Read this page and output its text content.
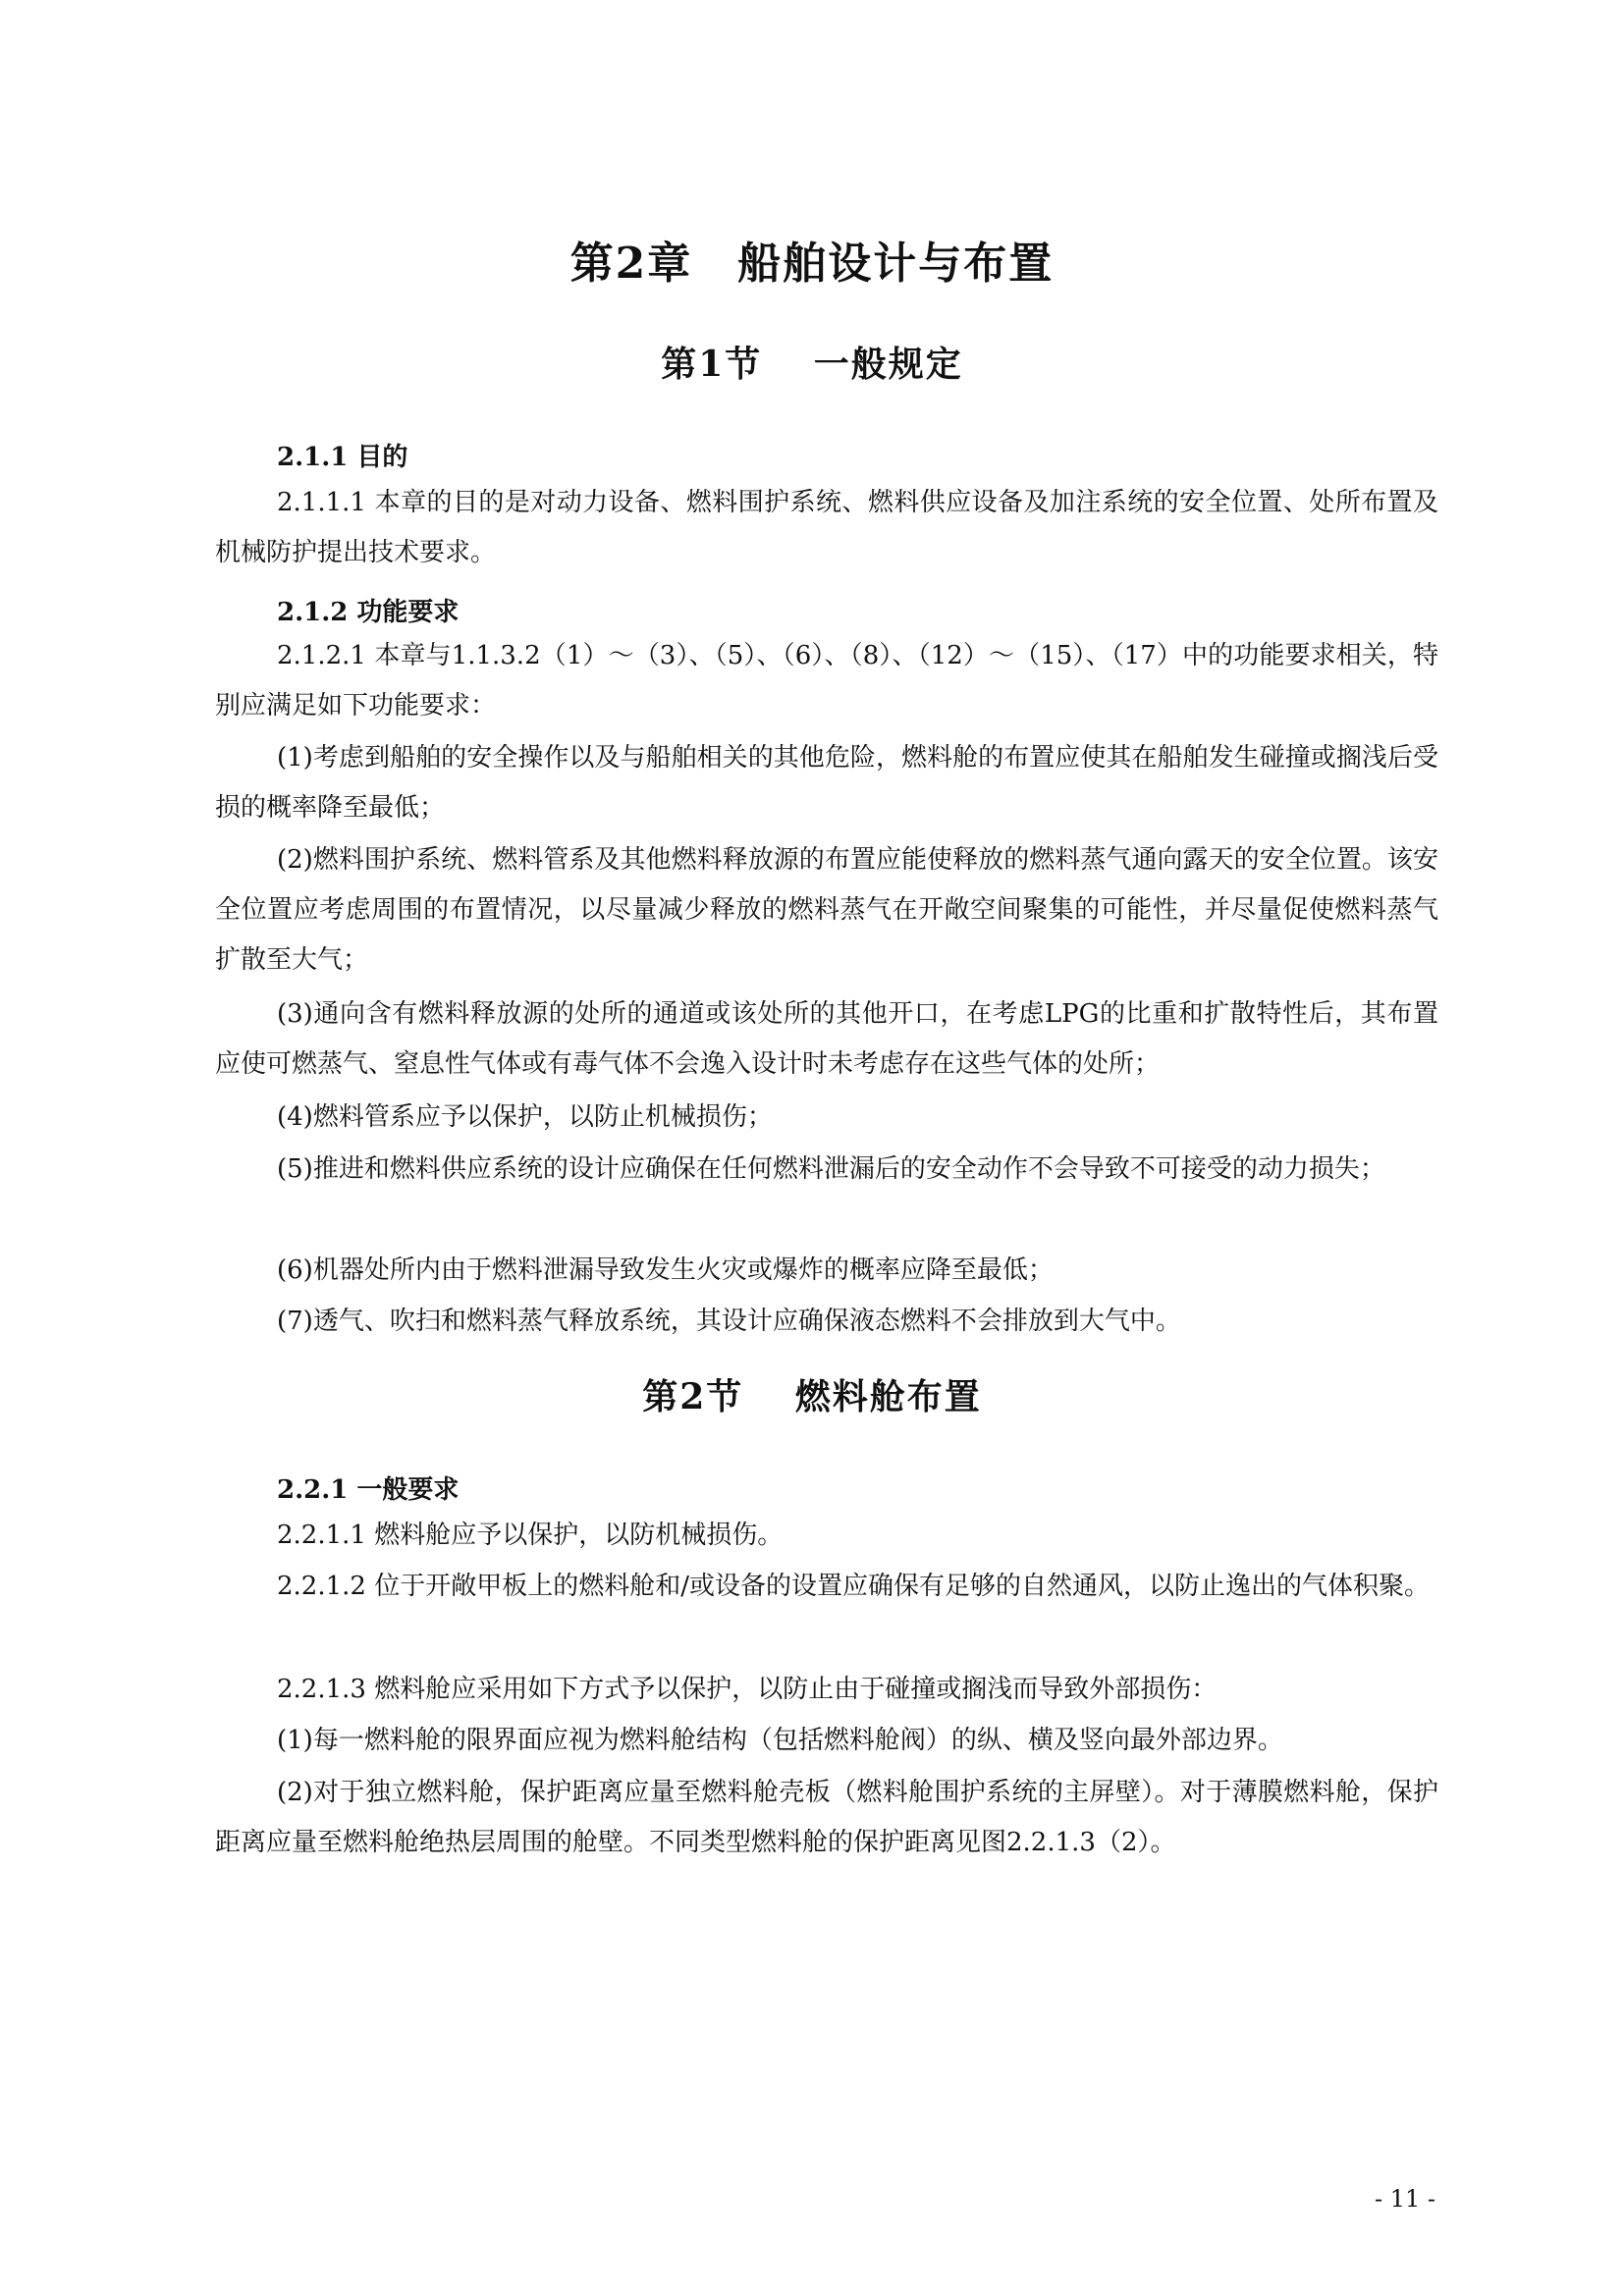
第2章　船舶设计与布置
第1节　 一般规定
2.1.1 目的
2.1.1.1 本章的目的是对动力设备、燃料围护系统、燃料供应设备及加注系统的安全位置、处所布置及机械防护提出技术要求。
2.1.2 功能要求
2.1.2.1 本章与1.1.3.2（1）～（3）、（5）、（6）、（8）、（12）～（15）、（17）中的功能要求相关，特别应满足如下功能要求：
(1)考虑到船舶的安全操作以及与船舶相关的其他危险，燃料舱的布置应使其在船舶发生碰撞或搁浅后受损的概率降至最低；
(2)燃料围护系统、燃料管系及其他燃料释放源的布置应能使释放的燃料蒸气通向露天的安全位置。该安全位置应考虑周围的布置情况，以尽量减少释放的燃料蒸气在开敞空间聚集的可能性，并尽量促使燃料蒸气扩散至大气；
(3)通向含有燃料释放源的处所的通道或该处所的其他开口，在考虑LPG的比重和扩散特性后，其布置应使可燃蒸气、窒息性气体或有毒气体不会逸入设计时未考虑存在这些气体的处所；
(4)燃料管系应予以保护，以防止机械损伤；
(5)推进和燃料供应系统的设计应确保在任何燃料泄漏后的安全动作不会导致不可接受的动力损失；
(6)机器处所内由于燃料泄漏导致发生火灾或爆炸的概率应降至最低；
(7)透气、吹扫和燃料蒸气释放系统，其设计应确保液态燃料不会排放到大气中。
第2节　 燃料舱布置
2.2.1 一般要求
2.2.1.1 燃料舱应予以保护，以防机械损伤。
2.2.1.2 位于开敞甲板上的燃料舱和/或设备的设置应确保有足够的自然通风，以防止逸出的气体积聚。
2.2.1.3 燃料舱应采用如下方式予以保护，以防止由于碰撞或搁浅而导致外部损伤：
(1)每一燃料舱的限界面应视为燃料舱结构（包括燃料舱阀）的纵、横及竖向最外部边界。
(2)对于独立燃料舱，保护距离应量至燃料舱壳板（燃料舱围护系统的主屏壁）。对于薄膜燃料舱，保护距离应量至燃料舱绝热层周围的舱壁。不同类型燃料舱的保护距离见图2.2.1.3（2）。
- 11 -
